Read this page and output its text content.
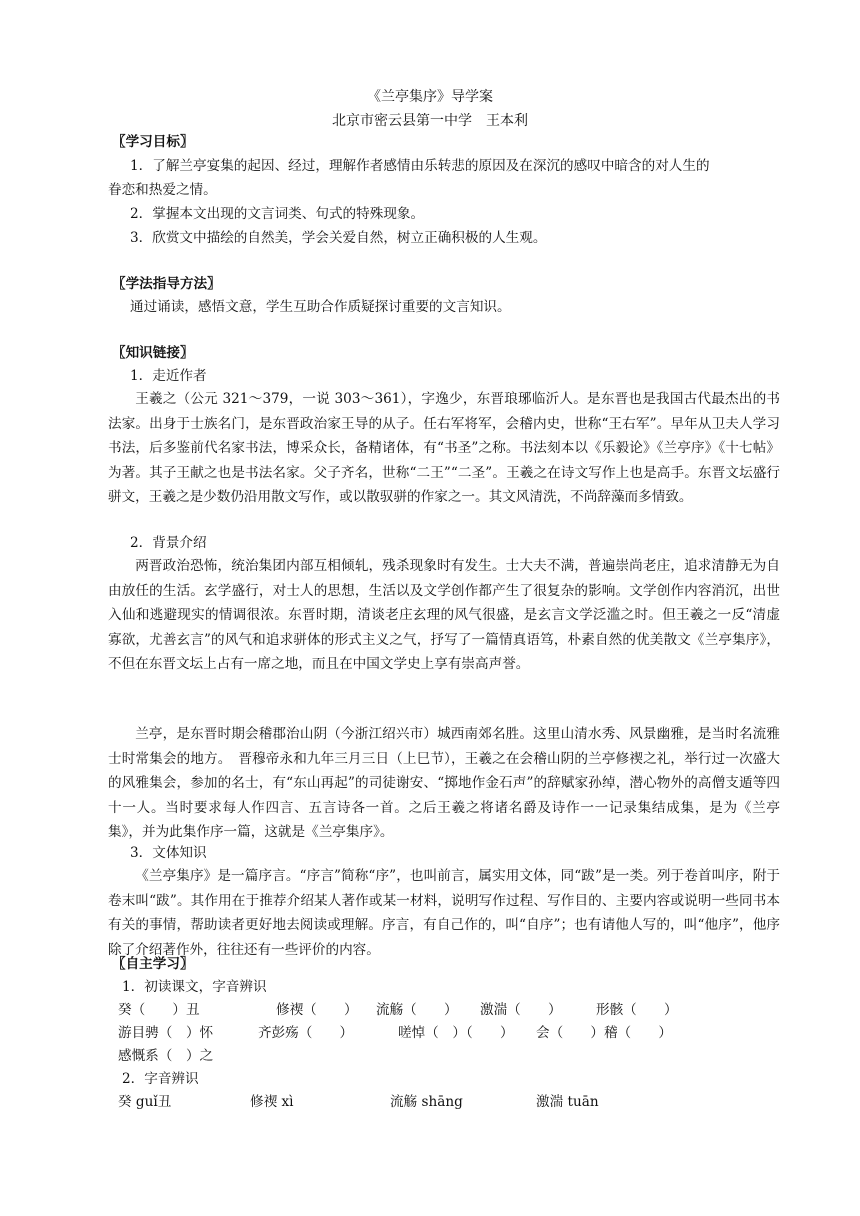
《兰亭集序》导学案
北京市密云县第一中学　王本利
〖学习目标〗
1．了解兰亭宴集的起因、经过，理解作者感情由乐转悲的原因及在深沉的感叹中暗含的对人生的
眷恋和热爱之情。
2．掌握本文出现的文言词类、句式的特殊现象。
3．欣赏文中描绘的自然美，学会关爱自然，树立正确积极的人生观。
〖学法指导方法〗
通过诵读，感悟文意，学生互助合作质疑探讨重要的文言知识。
〖知识链接〗
1．走近作者
王羲之（公元 321～379，一说 303～361），字逸少，东晋琅琊临沂人。是东晋也是我国古代最杰出的书法家。出身于士族名门，是东晋政治家王导的从子。任右军将军，会稽内史，世称“王右军”。早年从卫夫人学习书法，后多鉴前代名家书法，博采众长，备精诸体，有“书圣”之称。书法刻本以《乐毅论》《兰亭序》《十七帖》为著。其子王献之也是书法名家。父子齐名，世称“二王”“二圣”。王羲之在诗文写作上也是高手。东晋文坛盛行骈文，王羲之是少数仍沿用散文写作，或以散驭骈的作家之一。其文风清洗，不尚辞藻而多情致。
2．背景介绍
两晋政治恐怖，统治集团内部互相倾轧，残杀现象时有发生。士大夫不满，普遍崇尚老庄，追求清静无为自由放任的生活。玄学盛行，对士人的思想，生活以及文学创作都产生了很复杂的影响。文学创作内容消沉，出世入仙和逃避现实的情调很浓。东晋时期，清谈老庄玄理的风气很盛，是玄言文学泛滥之时。但王羲之一反“清虚寡欲，尤善玄言”的风气和追求骈体的形式主义之气，抒写了一篇情真语笃，朴素自然的优美散文《兰亭集序》，不但在东晋文坛上占有一席之地，而且在中国文学史上享有崇高声誉。
兰亭，是东晋时期会稽郡治山阴（今浙江绍兴市）城西南郊名胜。这里山清水秀、风景幽雅，是当时名流雅士时常集会的地方。　晋穆帝永和九年三月三日（上巳节），王羲之在会稽山阴的兰亭修禊之礼，举行过一次盛大的风雅集会，参加的名士，有“东山再起”的司徒谢安、“掷地作金石声”的辞赋家孙绰，潜心物外的高僧支遁等四十一人。当时要求每人作四言、五言诗各一首。之后王羲之将诸名爵及诗作一一记录集结成集，是为《兰亭集》，并为此集作序一篇，这就是《兰亭集序》。
3．文体知识
《兰亭集序》是一篇序言。“序言”简称“序”，也叫前言，属实用文体，同“跋”是一类。列于卷首叫序，附于卷末叫“跋”。其作用在于推荐介绍某人著作或某一材料，说明写作过程、写作目的、主要内容或说明一些同书本有关的事情，帮助读者更好地去阅读或理解。序言，有自己作的，叫“自序”；也有请他人写的，叫“他序”，他序除了介绍著作外，往往还有一些评价的内容。
〖自主学习〗
1．初读课文，字音辨识
癸（　　）丑	修禊（　　） 流觞（　　） 激湍（　　）	形骸（　　）
游目骋（　）怀	齐彭殇（　　）	嗟悼（　）（　　） 会（　　）稽（　　）
感慨系（　）之
2．字音辨识
癸 guǐ丑	修禊 xì	流觞 shāng	激湍 tuān
